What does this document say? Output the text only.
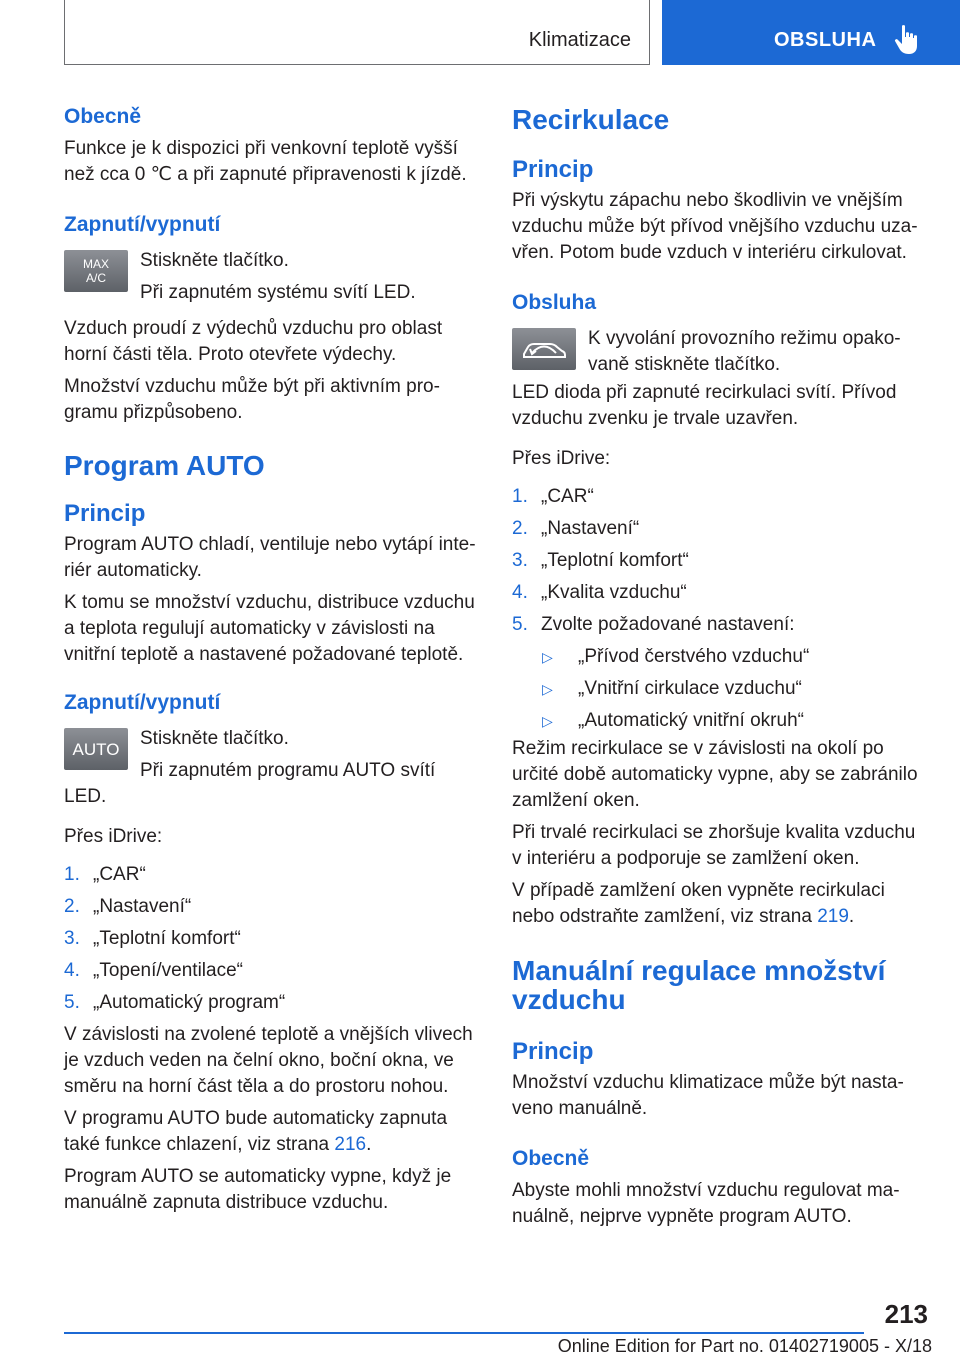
Klimatizace	OBSLUHA
Obecně

Funkce je k dispozici při venkovní teplotě vyšší než cca 0 ℃ a při zapnuté připravenosti k jízdě.

Zapnutí/vypnutí
MAX
A/C

Stiskněte tlačítko.

Při zapnutém systému svítí LED.

Vzduch proudí z výdechů vzduchu pro oblast horní části těla. Proto otevřete výdechy.

Množství vzduchu může být při aktivním programu přizpůsobeno.

Program AUTO
Princip

Program AUTO chladí, ventiluje nebo vytápí interiér automaticky.

K tomu se množství vzduchu, distribuce vzduchu a teplota regulují automaticky v závislosti na vnitřní teplotě a nastavené požadované teplotě.

Zapnutí/vypnutí
AUTO

Stiskněte tlačítko.

Při zapnutém programu AUTO svítí LED.

Přes iDrive:

1. „CAR“
2. „Nastavení“
3. „Teplotní komfort“
4. „Topení/ventilace“
5. „Automatický program“

V závislosti na zvolené teplotě a vnějších vlivech je vzduch veden na čelní okno, boční okna, ve směru na horní část těla a do prostoru nohou.

V programu AUTO bude automaticky zapnuta také funkce chlazení, viz strana 216.

Program AUTO se automaticky vypne, když je manuálně zapnuta distribuce vzduchu.

Recirkulace
Princip

Při výskytu zápachu nebo škodlivin ve vnějším vzduchu může být přívod vnějšího vzduchu uzavřen. Potom bude vzduch v interiéru cirkulovat.

Obsluha

K vyvolání provozního režimu opakovaně stiskněte tlačítko.

LED dioda při zapnuté recirkulaci svítí. Přívod vzduchu zvenku je trvale uzavřen.

Přes iDrive:

1. „CAR“
2. „Nastavení“
3. „Teplotní komfort“
4. „Kvalita vzduchu“
5. Zvolte požadované nastavení:
▷ „Přívod čerstvého vzduchu“
▷ „Vnitřní cirkulace vzduchu“
▷ „Automatický vnitřní okruh“

Režim recirkulace se v závislosti na okolí po určité době automaticky vypne, aby se zabránilo zamlžení oken.

Při trvalé recirkulaci se zhoršuje kvalita vzduchu v interiéru a podporuje se zamlžení oken.

V případě zamlžení oken vypněte recirkulaci nebo odstraňte zamlžení, viz strana 219.

Manuální regulace množství vzduchu
Princip

Množství vzduchu klimatizace může být nastaveno manuálně.

Obecně

Abyste mohli množství vzduchu regulovat manuálně, nejprve vypněte program AUTO.

213
Online Edition for Part no. 01402719005 - X/18
